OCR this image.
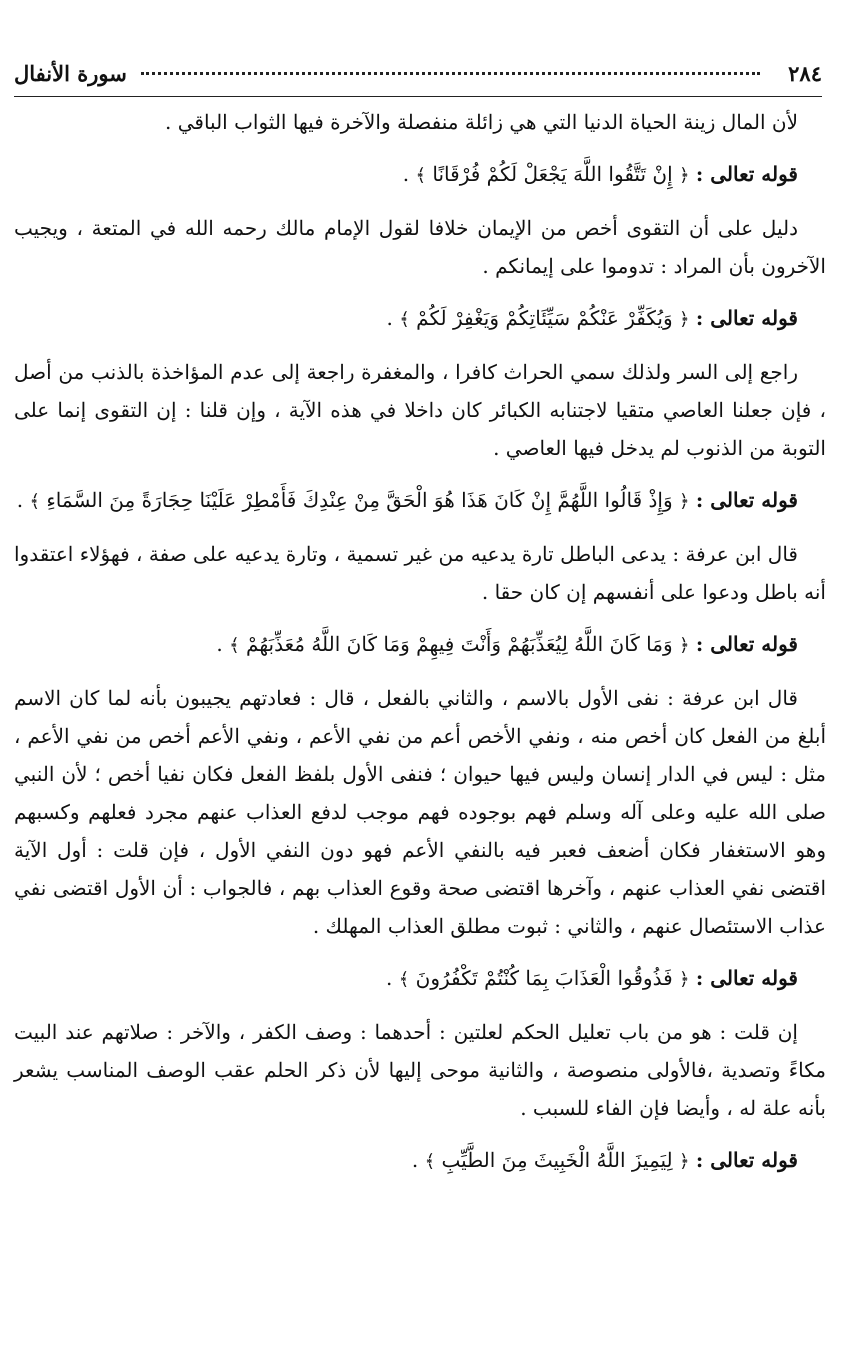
٢٨٤
سورة الأنفال

لأن المال زينة الحياة الدنيا التي هي زائلة منفصلة والآخرة فيها الثواب الباقي .

قوله تعالى : ﴿ إِنْ تَتَّقُوا اللَّهَ يَجْعَلْ لَكُمْ فُرْقَانًا ﴾ .

دليل على أن التقوى أخص من الإيمان خلافا لقول الإمام مالك رحمه الله في المتعة ، ويجيب الآخرون بأن المراد : تدوموا على إيمانكم .

قوله تعالى : ﴿ وَيُكَفِّرْ عَنْكُمْ سَيِّئَاتِكُمْ وَيَغْفِرْ لَكُمْ ﴾ .

راجع إلى السر ولذلك سمي الحراث كافرا ، والمغفرة راجعة إلى عدم المؤاخذة بالذنب من أصل ، فإن جعلنا العاصي متقيا لاجتنابه الكبائر كان داخلا في هذه الآية ، وإن قلنا : إن التقوى إنما على التوبة من الذنوب لم يدخل فيها العاصي .

قوله تعالى : ﴿ وَإِذْ قَالُوا اللَّهُمَّ إِنْ كَانَ هَذَا هُوَ الْحَقَّ مِنْ عِنْدِكَ فَأَمْطِرْ عَلَيْنَا حِجَارَةً مِنَ السَّمَاءِ ﴾ .

قال ابن عرفة : يدعى الباطل تارة يدعيه من غير تسمية ، وتارة يدعيه على صفة ، فهؤلاء اعتقدوا أنه باطل ودعوا على أنفسهم إن كان حقا .

قوله تعالى : ﴿ وَمَا كَانَ اللَّهُ لِيُعَذِّبَهُمْ وَأَنْتَ فِيهِمْ وَمَا كَانَ اللَّهُ مُعَذِّبَهُمْ ﴾ .

قال ابن عرفة : نفى الأول بالاسم ، والثاني بالفعل ، قال : فعادتهم يجيبون بأنه لما كان الاسم أبلغ من الفعل كان أخص منه ، ونفي الأخص أعم من نفي الأعم ، ونفي الأعم أخص من نفي الأعم ، مثل : ليس في الدار إنسان وليس فيها حيوان ؛ فنفى الأول بلفظ الفعل فكان نفيا أخص ؛ لأن النبي صلى الله عليه وعلى آله وسلم فهم بوجوده فهم موجب لدفع العذاب عنهم مجرد فعلهم وكسبهم وهو الاستغفار فكان أضعف فعبر فيه بالنفي الأعم فهو دون النفي الأول ، فإن قلت : أول الآية اقتضى نفي العذاب عنهم ، وآخرها اقتضى صحة وقوع العذاب بهم ، فالجواب : أن الأول اقتضى نفي عذاب الاستئصال عنهم ، والثاني : ثبوت مطلق العذاب المهلك .

قوله تعالى : ﴿ فَذُوقُوا الْعَذَابَ بِمَا كُنْتُمْ تَكْفُرُونَ ﴾ .

إن قلت : هو من باب تعليل الحكم لعلتين : أحدهما : وصف الكفر ، والآخر : صلاتهم عند البيت مكاءً وتصدية ،فالأولى منصوصة ، والثانية موحى إليها لأن ذكر الحلم عقب الوصف المناسب يشعر بأنه علة له ، وأيضا فإن الفاء للسبب .

قوله تعالى : ﴿ لِيَمِيزَ اللَّهُ الْخَبِيثَ مِنَ الطَّيِّبِ ﴾ .
